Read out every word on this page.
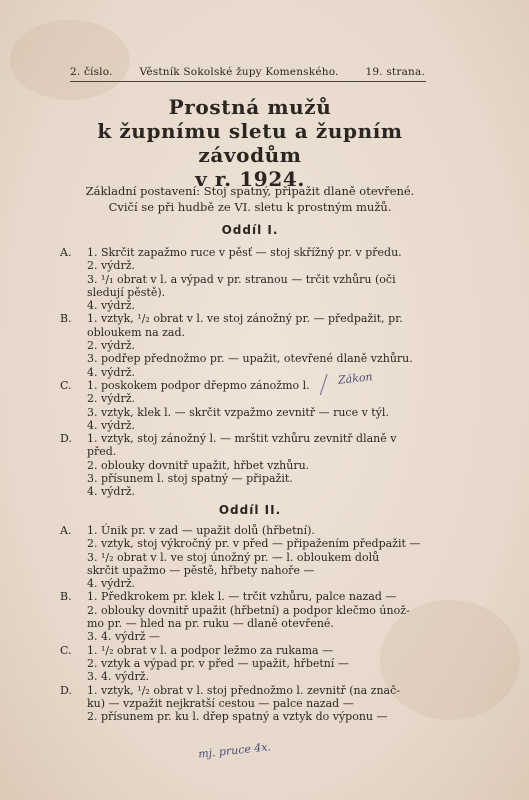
2. číslo.	Věstník Sokolské župy Komenského.	19. strana.
Prostná mužů
k župnímu sletu a župním závodům
v r. 1924.
Základní postavení: Stoj spatný, připažit dlaně otevřené.
Cvičí se při hudbě ze VI. sletu k prostným mužů.
Oddíl I.
A. 1. Skrčit zapažmo ruce v pěsť — stoj skřížný pr. v předu.
2. výdrž.
3. ¹/₁ obrat v l. a výpad v pr. stranou — trčit vzhůru (oči
sledují pěstě).
4. výdrž.
B. 1. vztyk, ¹/₂ obrat v l. ve stoj zánožný pr. — předpažit, pr.
obloukem na zad.
2. výdrž.
3. podřep přednožmo pr. — upažit, otevřené dlaně vzhůru.
4. výdrž.
C. 1. poskokem podpor dřepmo zánožmo l.
2. výdrž.
3. vztyk, klek l. — skrčit vzpažmo zevnitř — ruce v týl.
4. výdrž.
D. 1. vztyk, stoj zánožný l. — mrštit vzhůru zevnitř dlaně v
před.
2. oblouky dovnitř upažit, hřbet vzhůru.
3. přísunem l. stoj spatný — připažit.
4. výdrž.
Oddíl II.
A. 1. Únik pr. v zad — upažit dolů (hřbetní).
2. vztyk, stoj výkročný pr. v před — připažením předpažit —
3. ¹/₂ obrat v l. ve stoj únožný pr. — l. obloukem dolů
skrčit upažmo — pěstě, hřbety nahoře —
4. výdrž.
B. 1. Předkrokem pr. klek l. — trčit vzhůru, palce nazad —
2. oblouky dovnitř upažit (hřbetní) a podpor klečmo únož-
mo pr. — hled na pr. ruku — dlaně otevřené.
3. 4. výdrž —
C. 1. ¹/₂ obrat v l. a podpor ležmo za rukama —
2. vztyk a výpad pr. v před — upažit, hřbetní —
3. 4. výdrž.
D. 1. vztyk, ¹/₂ obrat v l. stoj přednožmo l. zevnitř (na znač-
ku) — vzpažit nejkratší cestou — palce nazad —
2. přísunem pr. ku l. dřep spatný a vztyk do výponu —
Zákon
mj. pruce 4x.
